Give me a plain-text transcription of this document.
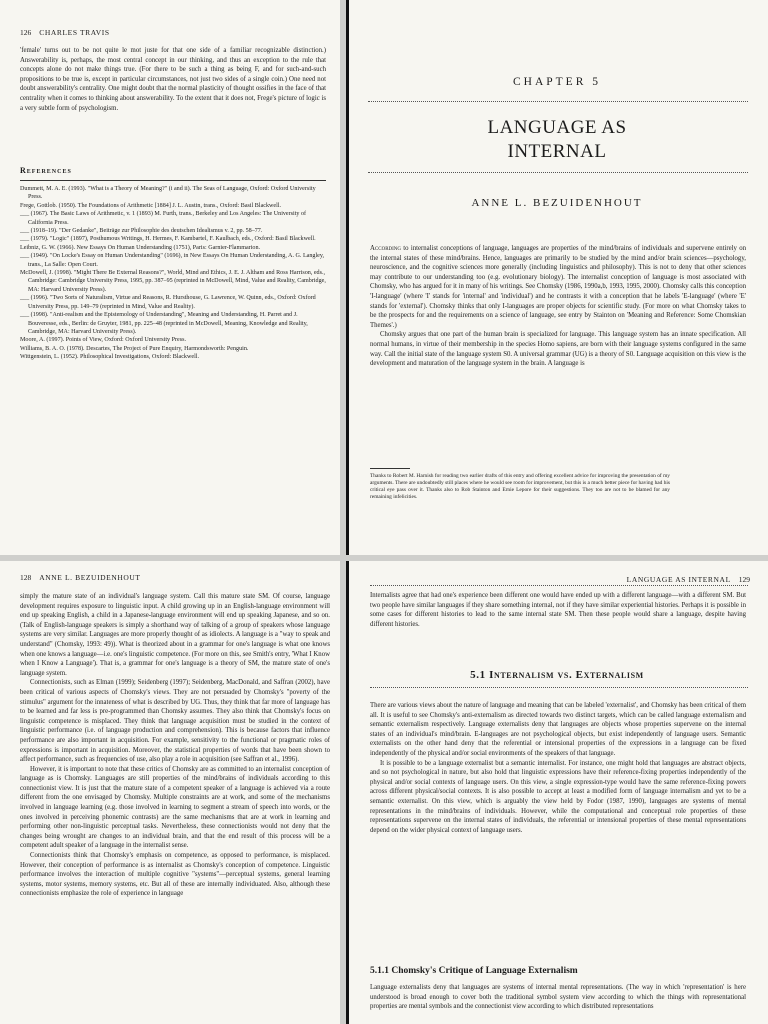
126 CHARLES TRAVIS

'female' turns out to be not quite le mot juste for that one side of a familiar recognizable distinction.) Answerability is, perhaps, the most central concept in our thinking, and thus an exception to the rule that concepts alone do not make things true. (For there to be such a thing as being F, and for such-and-such propositions to be true is, except in particular circumstances, not just two sides of a single coin.) One need not doubt answerability's centrality. One might doubt that the normal plasticity of thought ossifies in the face of that centrality when it comes to thinking about answerability. To the extent that it does not, Frege's picture of logic is a very subtle form of psychologism.

References
Dummett, M. A. E. (1993). "What is a Theory of Meaning?" (i and ii). The Seas of Language, Oxford: Oxford University Press.
Frege, Gottlob. (1950). The Foundations of Arithmetic [1884] J. L. Austin, trans., Oxford: Basil Blackwell.
___ (1967). The Basic Laws of Arithmetic, v. 1 (1893) M. Furth, trans., Berkeley and Los Angeles: The University of California Press.
___ (1918–19). "Der Gedanke", Beiträge zur Philosophie des deutschen Idealismus v. 2, pp. 58–77.
___ (1979). "Logic" (1897), Posthumous Writings, H. Hermes, F. Kambartel, F. Kaulbach, eds., Oxford: Basil Blackwell.
Leibniz, G. W. (1966). New Essays On Human Understanding (1751), Paris: Garnier-Flammarion.
___ (1949). "On Locke's Essay on Human Understanding" (1696), in New Essays On Human Understanding, A. G. Langley, trans., La Salle: Open Court.
McDowell, J. (1998). "Might There Be External Reasons?", World, Mind and Ethics, J. E. J. Altham and Ross Harrison, eds., Cambridge: Cambridge University Press, 1995, pp. 387–95 (reprinted in McDowell, Mind, Value and Reality, Cambridge, MA: Harvard University Press).
___ (1996). "Two Sorts of Naturalism, Virtue and Reasons, R. Hursthouse, G. Lawrence, W. Quinn, eds., Oxford: Oxford University Press, pp. 149–79 (reprinted in Mind, Value and Reality).
___ (1998). "Anti-realism and the Epistemology of Understanding", Meaning and Understanding, H. Parret and J. Bouveresse, eds., Berlin: de Gruyter, 1981, pp. 225–48 (reprinted in McDowell, Meaning, Knowledge and Reality, Cambridge, MA: Harvard University Press).
Moore, A. (1997). Points of View, Oxford: Oxford University Press.
Williams, B. A. O. (1978). Descartes, The Project of Pure Enquiry, Harmondsworth: Penguin.
Wittgenstein, L. (1952). Philosophical Investigations, Oxford: Blackwell.
CHAPTER 5
LANGUAGE AS
INTERNAL
ANNE L. BEZUIDENHOUT

According to internalist conceptions of language, languages are properties of the mind/brains of individuals and supervene entirely on the internal states of these mind/brains. Hence, languages are primarily to be studied by the mind and/or brain sciences—psychology, neuroscience, and the cognitive sciences more generally (including linguistics and philosophy). This is not to deny that other sciences may contribute to our understanding too (e.g. evolutionary biology). The internalist conception of language is most associated with Chomsky, who has argued for it in many of his writings. See Chomsky (1986, 1990a,b, 1993, 1995, 2000). Chomsky calls this conception 'I-language' (where 'I' stands for 'internal' and 'individual') and he contrasts it with a conception that he labels 'E-language' (where 'E' stands for 'external'). Chomsky thinks that only I-languages are proper objects for scientific study. (For more on what Chomsky takes to be the prospects for and the requirements on a science of language, see entry by Stainton on 'Meaning and Reference: Some Chomskian Themes'.)

Chomsky argues that one part of the human brain is specialized for language. This language system has an innate specification. All normal humans, in virtue of their membership in the species Homo sapiens, are born with their language systems configured in the same way. Call the initial state of the language system S0. A universal grammar (UG) is a theory of S0. Language acquisition on this view is the development and maturation of the language system in the brain. A language is

Thanks to Robert M. Harnish for reading two earlier drafts of this entry and offering excellent advice for improving the presentation of my arguments. There are undoubtedly still places where he would see room for improvement, but this is a much better piece for having had his critical eye pass over it. Thanks also to Rob Stainton and Ernie Lepore for their suggestions. They too are not to be blamed for any remaining infelicities.
128 ANNE L. BEZUIDENHOUT

simply the mature state of an individual's language system. Call this mature state SM. Of course, language development requires exposure to linguistic input. A child growing up in an English-language environment will end up speaking English, a child in a Japanese-language environment will end up speaking Japanese, and so on. (Talk of English-language speakers is simply a shorthand way of talking of a group of speakers whose language systems are very similar. Languages are more properly thought of as idiolects. A language is a "way to speak and understand" (Chomsky, 1993: 49)). What is theorized about in a grammar for one's language is what one knows when one knows a language—i.e. one's linguistic competence. (For more on this, see Smith's entry, 'What I Know when I Know a Language'). That is, a grammar for one's language is a theory of SM, the mature state of one's language system.

Connectionists, such as Elman (1999); Seidenberg (1997); Seidenberg, MacDonald, and Saffran (2002), have been critical of various aspects of Chomsky's views. They are not persuaded by Chomsky's "poverty of the stimulus" argument for the innateness of what is described by UG. Thus, they think that far more of language has to be learned and far less is pre-programmed than Chomsky assumes. They also think that Chomsky's focus on linguistic competence is misplaced. They think that language acquisition must be studied in the context of linguistic performance (i.e. of language production and comprehension). This is because factors that influence performance are also important in acquisition. For example, sensitivity to the functional or pragmatic roles of expressions is important in acquisition. Moreover, the statistical properties of words that have been shown to affect performance, such as frequencies of use, also play a role in acquisition (see Saffran et al., 1996).

However, it is important to note that these critics of Chomsky are as committed to an internalist conception of language as is Chomsky. Languages are still properties of the mind/brains of individuals according to this connectionist view. It is just that the mature state of a competent speaker of a language is achieved via a route different from the one envisaged by Chomsky. Multiple constraints are at work, and some of the mechanisms involved in language learning (e.g. those involved in learning to segment a stream of speech into words, or the ones involved in perceiving phonemic contrasts) are the same mechanisms that are at work in learning and performing other non-linguistic perceptual tasks. Nevertheless, these connectionists would not deny that the changes being wrought are changes to an individual brain, and that the end result of this process will be a competent adult speaker of a language in the internalist sense.

Connectionists think that Chomsky's emphasis on competence, as opposed to performance, is misplaced. However, their conception of performance is as internalist as Chomsky's conception of competence. Linguistic performance involves the interaction of multiple cognitive "systems"—perceptual systems, general learning systems, motor systems, memory systems, etc. But all of these are internally individuated. Also, although these connectionists emphasize the role of experience in language

LANGUAGE AS INTERNAL 129

Internalists agree that had one's experience been different one would have ended up with a different language—with a different SM. But two people have similar languages if they share something internal, not if they have similar experiential histories. Perhaps it is possible in some cases for different histories to lead to the same internal state SM. Then these people would share a language, despite having different histories.

5.1 Internalism vs. Externalism

There are various views about the nature of language and meaning that can be labeled 'externalist', and Chomsky has been critical of them all. It is useful to see Chomsky's anti-externalism as directed towards two distinct targets, which can be called language externalism and semantic externalism respectively. Language externalists deny that languages are objects whose properties supervene on the internal states of an individual's mind/brain. E-languages are not psychological objects, but exist independently of language users. Semantic externalists on the other hand deny that the referential or intensional properties of the expressions in a language can be fixed independently of the physical and/or social environments of the speakers of that language.

It is possible to be a language externalist but a semantic internalist. For instance, one might hold that languages are abstract objects, and so not psychological in nature, but also hold that linguistic expressions have their reference-fixing properties independently of the physical and/or social contexts of language users. On this view, a single expression-type would have the same reference-fixing powers across different physical/social contexts. It is also possible to accept at least a modified form of language internalism and yet to be a semantic externalist. On this view, which is arguably the view held by Fodor (1987, 1990), languages are systems of mental representations in the mind/brains of individuals. However, while the computational and conceptual role properties of these representations supervene on the internal states of individuals, the referential or intensional properties of these mental representations depend on the wider physical context of language users.

5.1.1 Chomsky's Critique of Language Externalism

Language externalists deny that languages are systems of internal mental representations. (The way in which 'representation' is here understood is broad enough to cover both the traditional symbol system view according to which the things with representational properties are mental symbols and the connectionist view according to which distributed representations
